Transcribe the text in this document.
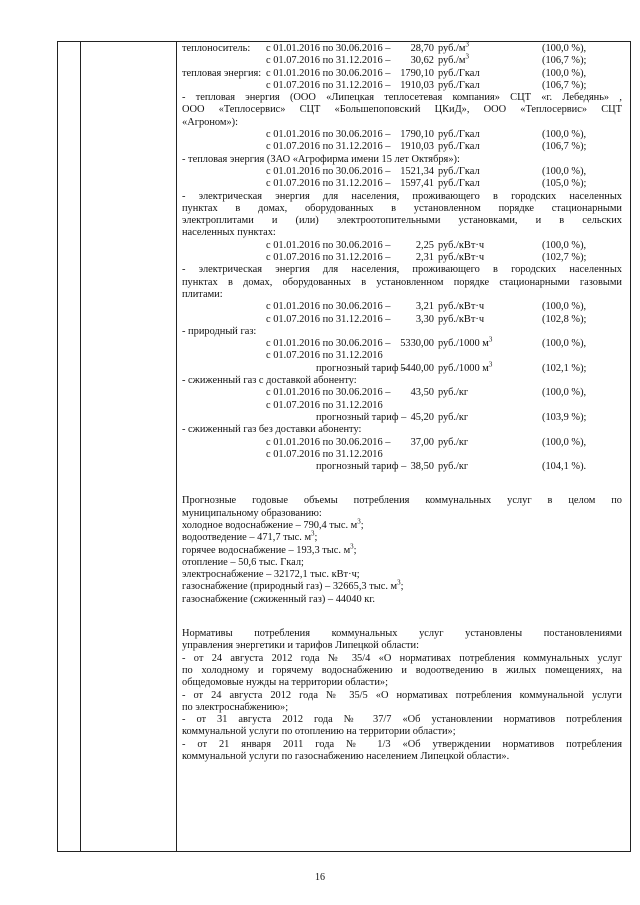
теплоноситель: с 01.01.2016 по 30.06.2016 –	28,70 $руб./м^3$	(100,0 %),
с 01.07.2016 по 31.12.2016 –	30,62 $руб./м^3$	(106,7 %);
тепловая энергия: с 01.01.2016 по 30.06.2016 – 1790,10 руб./Гкал	(100,0 %),
с 01.07.2016 по 31.12.2016 – 1910,03 руб./Гкал	(106,7 %);
- тепловая энергия (ООО «Липецкая теплосетевая компания» СЦТ «г. Лебедянь» ,
ООО «Теплосервис» СЦТ «Большепоповский ЦКиД», ООО «Теплосервис» СЦТ
«Агроном»):
с 01.01.2016 по 30.06.2016 – 1790,10 руб./Гкал	(100,0 %),
с 01.07.2016 по 31.12.2016 – 1910,03 руб./Гкал	(106,7 %);
- тепловая энергия (ЗАО «Агрофирма имени 15 лет Октября»):
с 01.01.2016 по 30.06.2016 – 1521,34 руб./Гкал	(100,0 %),
с 01.07.2016 по 31.12.2016 – 1597,41 руб./Гкал	(105,0 %);
- электрическая энергия для населения, проживающего в городских населенных
пунктах в домах, оборудованных в установленном порядке стационарными
электроплитами и (или) электроотопительными установками, и в сельских
населенных пунктах:
с 01.01.2016 по 30.06.2016 –	2,25 руб./кВт·ч	(100,0 %),
с 01.07.2016 по 31.12.2016 –	2,31 руб./кВт·ч	(102,7 %);
- электрическая энергия для населения, проживающего в городских населенных
пунктах в домах, оборудованных в установленном порядке стационарными газовыми
плитами:
с 01.01.2016 по 30.06.2016 –	3,21 руб./кВт·ч	(100,0 %),
с 01.07.2016 по 31.12.2016 –	3,30 руб./кВт·ч	(102,8 %);
- природный газ:
с 01.01.2016 по 30.06.2016 – 5330,00 руб./1000 $м^3$	(100,0 %),
с 01.07.2016 по 31.12.2016
прогнозный тариф –
5440,00 руб./1000 $м^3$	(102,1 %);
- сжиженный газ с доставкой абоненту:
с 01.01.2016 по 30.06.2016 –	43,50 руб./кг	(100,0 %),
с 01.07.2016 по 31.12.2016
прогнозный тариф – 45,20 руб./кг	(103,9 %);
- сжиженный газ без доставки абоненту:
с 01.01.2016 по 30.06.2016 –	37,00 руб./кг	(100,0 %),
с 01.07.2016 по 31.12.2016
прогнозный тариф – 38,50 руб./кг	(104,1 %).
Прогнозные годовые объемы потребления коммунальных услуг в целом по
муниципальному образованию:
холодное водоснабжение – 790,4 тыс. $м^3$;
водоотведение – 471,7 тыс. $м^3$;
горячее водоснабжение – 193,3 тыс. $м^3$;
отопление – 50,6 тыс. Гкал;
электроснабжение – 32172,1 тыс. кВт·ч;
газоснабжение (природный газ) – 32665,3 тыс. $м^3$;
газоснабжение (сжиженный газ) – 44040 кг.
Нормативы потребления коммунальных услуг установлены постановлениями
управления энергетики и тарифов Липецкой области:
- от 24 августа 2012 года № 35/4 «О нормативах потребления коммунальных услуг
по холодному и горячему водоснабжению и водоотведению в жилых помещениях, на
общедомовые нужды на территории области»;
- от 24 августа 2012 года № 35/5 «О нормативах потребления коммунальной услуги
по электроснабжению»;
- от 31 августа 2012 года № 37/7 «Об установлении нормативов потребления
коммунальной услуги по отоплению на территории области»;
- от 21 января 2011 года № 1/3 «Об утверждении нормативов потребления
коммунальной услуги по газоснабжению населением Липецкой области».
16
